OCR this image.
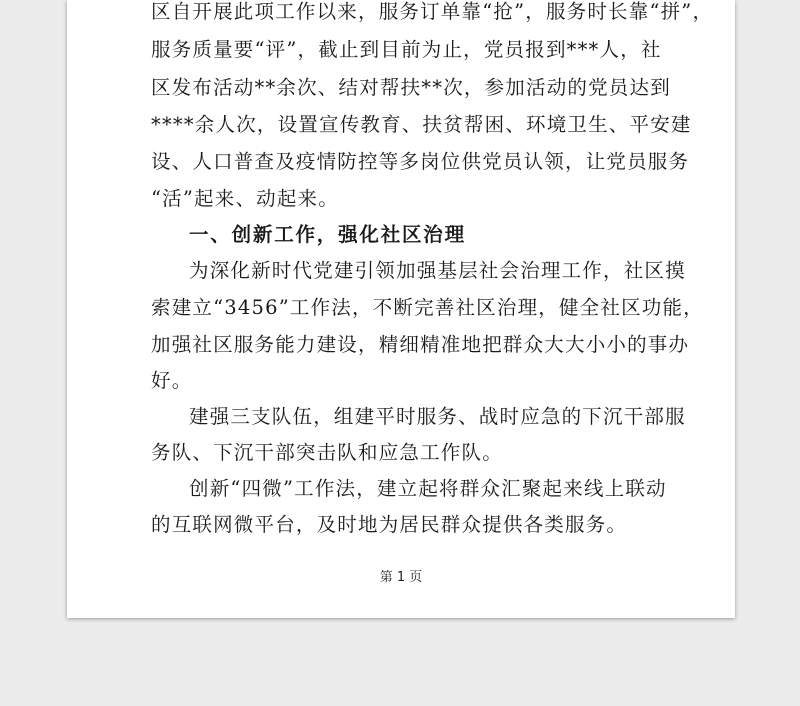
区自开展此项工作以来，服务订单靠“抢”，服务时长靠“拼”，
服务质量要“评”，截止到目前为止，党员报到***人，社
区发布活动**余次、结对帮扶**次，参加活动的党员达到
****余人次，设置宣传教育、扶贫帮困、环境卫生、平安建
设、人口普查及疫情防控等多岗位供党员认领，让党员服务
“活”起来、动起来。
一、创新工作，强化社区治理
为深化新时代党建引领加强基层社会治理工作，社区摸
索建立“3456”工作法，不断完善社区治理，健全社区功能，
加强社区服务能力建设，精细精准地把群众大大小小的事办
好。
建强三支队伍，组建平时服务、战时应急的下沉干部服
务队、下沉干部突击队和应急工作队。
创新“四微”工作法，建立起将群众汇聚起来线上联动
的互联网微平台，及时地为居民群众提供各类服务。
第 1 页
